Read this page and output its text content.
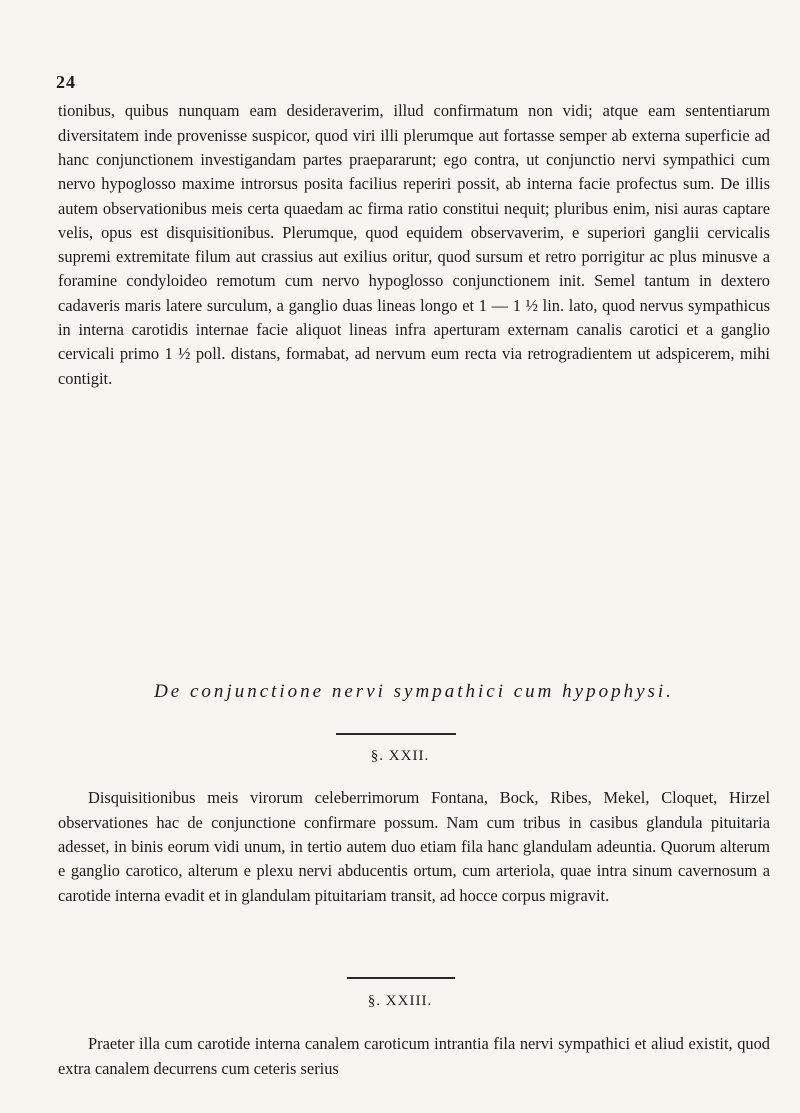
24

tionibus, quibus nunquam eam desideraverim, illud confirmatum non vidi; atque eam sententiarum diversitatem inde provenisse suspicor, quod viri illi plerumque aut fortasse semper ab externa superficie ad hanc conjunctionem investigandam partes praepararunt; ego contra, ut conjunctio nervi sympathici cum nervo hypoglosso maxime introrsus posita facilius reperiri possit, ab interna facie profectus sum. De illis autem observationibus meis certa quaedam ac firma ratio constitui nequit; pluribus enim, nisi auras captare velis, opus est disquisitionibus. Plerumque, quod equidem observaverim, e superiori ganglii cervicalis supremi extremitate filum aut crassius aut exilius oritur, quod sursum et retro porrigitur ac plus minusve a foramine condyloideo remotum cum nervo hypoglosso conjunctionem init. Semel tantum in dextero cadaveris maris latere surculum, a ganglio duas lineas longo et 1 — 1 ½ lin. lato, quod nervus sympathicus in interna carotidis internae facie aliquot lineas infra aperturam externam canalis carotici et a ganglio cervicali primo 1 ½ poll. distans, formabat, ad nervum eum recta via retrogradientem ut adspicerem, mihi contigit.

De conjunctione nervi sympathici cum hypophysi.
§. XXII.

Disquisitionibus meis virorum celeberrimorum Fontana, Bock, Ribes, Mekel, Cloquet, Hirzel observationes hac de conjunctione confirmare possum. Nam cum tribus in casibus glandula pituitaria adesset, in binis eorum vidi unum, in tertio autem duo etiam fila hanc glandulam adeuntia. Quorum alterum e ganglio carotico, alterum e plexu nervi abducentis ortum, cum arteriola, quae intra sinum cavernosum a carotide interna evadit et in glandulam pituitariam transit, ad hocce corpus migravit.

§. XXIII.

Praeter illa cum carotide interna canalem caroticum intrantia fila nervi sympathici et aliud existit, quod extra canalem decurrens cum ceteris serius
